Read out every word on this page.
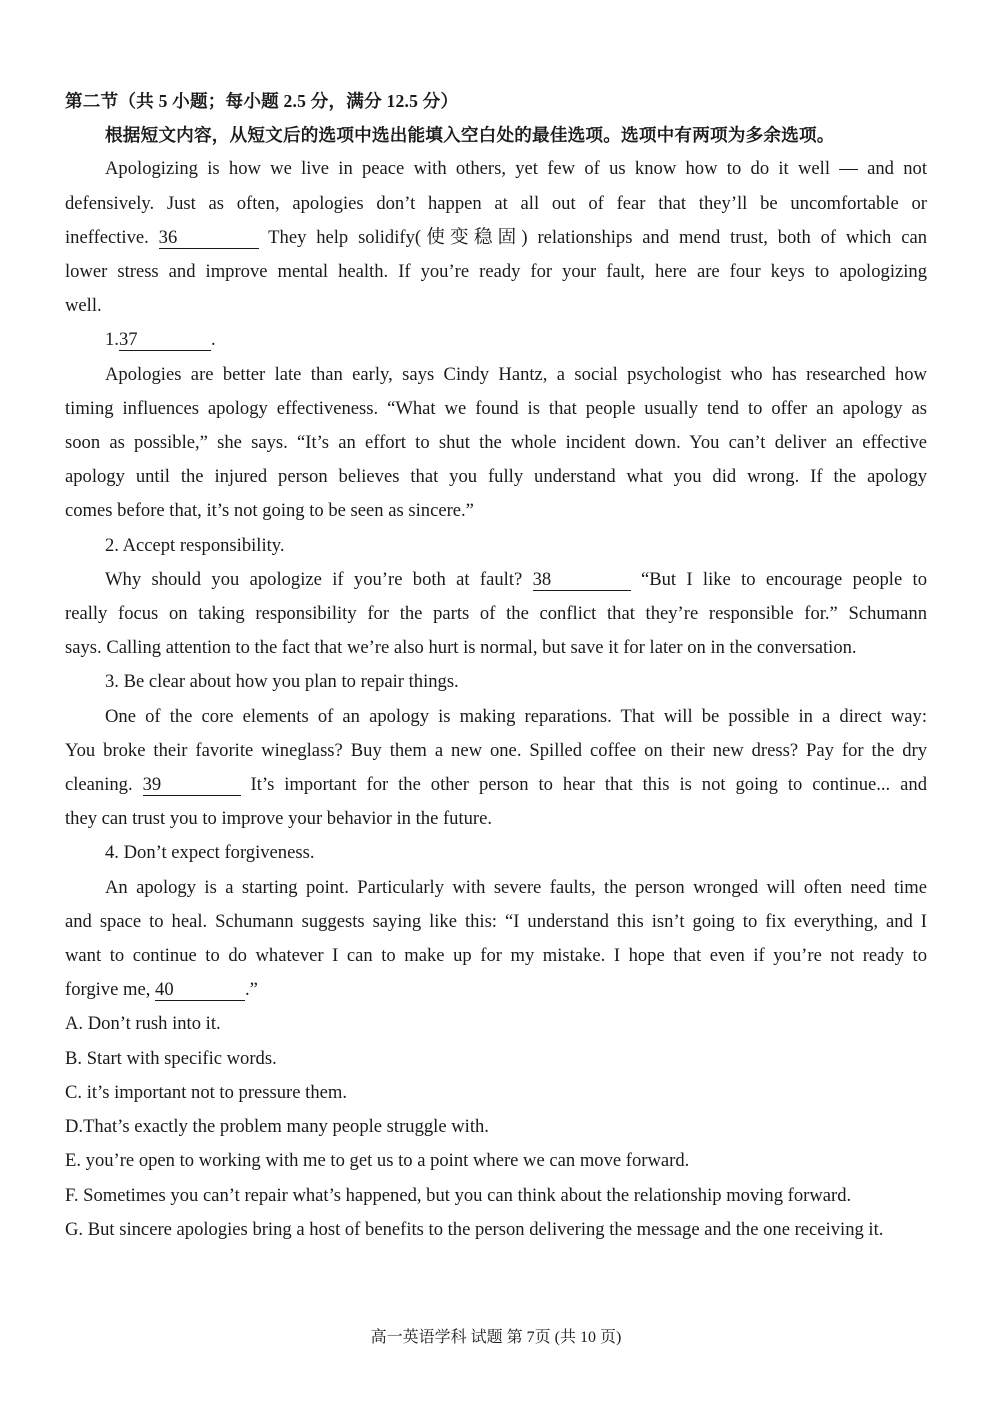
第二节（共 5 小题；每小题 2.5 分，满分 12.5 分）

根据短文内容，从短文后的选项中选出能填入空白处的最佳选项。选项中有两项为多余选项。

Apologizing is how we live in peace with others, yet few of us know how to do it well — and not

defensively. Just as often, apologies don’t happen at all out of fear that they’ll be uncomfortable or

ineffective. 36	They help solidify(使变稳固) relationships and mend trust, both of which can

lower stress and improve mental health. If you’re ready for your fault, here are four keys to apologizing

well.

1.37	.

Apologies are better late than early, says Cindy Hantz, a social psychologist who has researched how

timing influences apology effectiveness. “What we found is that people usually tend to offer an apology as

soon as possible,” she says. “It’s an effort to shut the whole incident down. You can’t deliver an effective

apology until the injured person believes that you fully understand what you did wrong. If the apology

comes before that, it’s not going to be seen as sincere.”

2. Accept responsibility.

Why should you apologize if you’re both at fault? 38	“But I like to encourage people to

really focus on taking responsibility for the parts of the conflict that they’re responsible for.” Schumann

says. Calling attention to the fact that we’re also hurt is normal, but save it for later on in the conversation.

3. Be clear about how you plan to repair things.

One of the core elements of an apology is making reparations. That will be possible in a direct way:

You broke their favorite wineglass? Buy them a new one. Spilled coffee on their new dress? Pay for the dry

cleaning. 39	It’s important for the other person to hear that this is not going to continue... and

they can trust you to improve your behavior in the future.

4. Don’t expect forgiveness.

An apology is a starting point. Particularly with severe faults, the person wronged will often need time

and space to heal. Schumann suggests saying like this: “I understand this isn’t going to fix everything, and I

want to continue to do whatever I can to make up for my mistake. I hope that even if you’re not ready to

forgive me, 40	.”

A. Don’t rush into it.

B. Start with specific words.

C. it’s important not to pressure them.

D.That’s exactly the problem many people struggle with.

E. you’re open to working with me to get us to a point where we can move forward.

F. Sometimes you can’t repair what’s happened, but you can think about the relationship moving forward.

G. But sincere apologies bring a host of benefits to the person delivering the message and the one receiving it.

高一英语学科 试题 第 7页 (共 10 页)
